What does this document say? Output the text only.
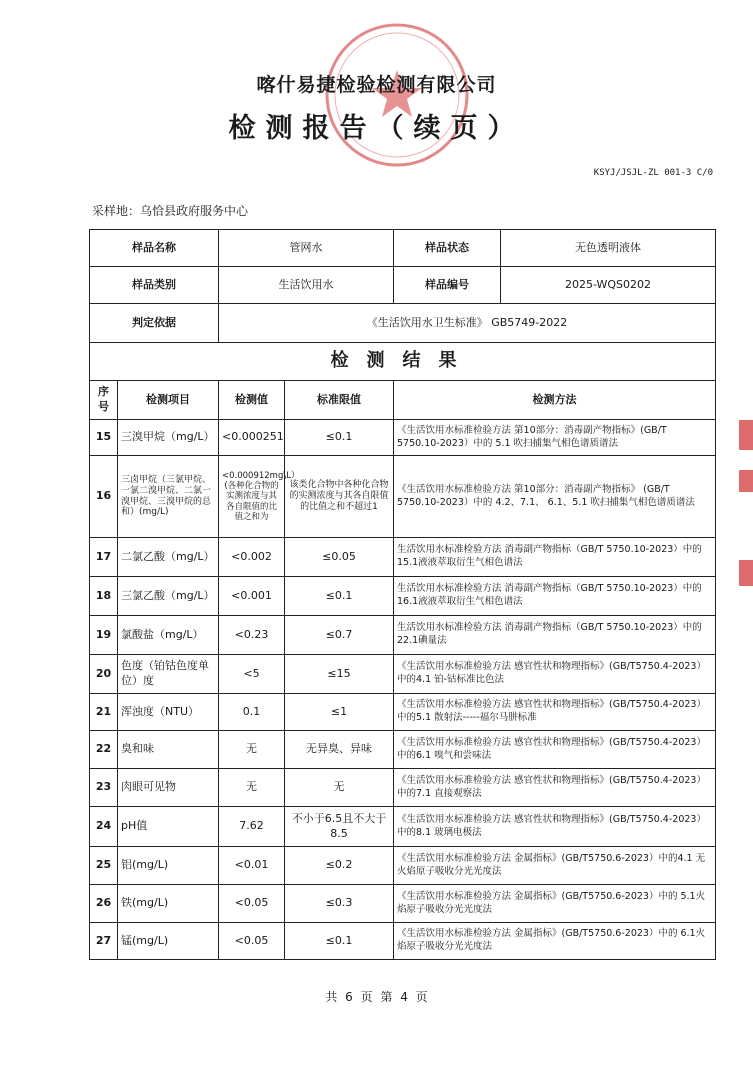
喀什易捷检验检测有限公司
检测报告（续页）
KSYJ/JSJL-ZL 001-3 C/0
采样地：乌恰县政府服务中心
样品名称		管网水		样品状态 无色透明液体

样品类别		生活饮用水		样品编号 2025-WQS0202

判定依据		《生活饮用水卫生标准》 GB5749-2022		
检测结果				
序号	检测项目	检测值	标准限值	检测方法
15	三溴甲烷（mg/L）	<0.000251	≤0.1	《生活饮用水标准检验方法 第10部分：消毒副产物指标》(GB/T 5750.10-2023）中的 5.1 吹扫捕集气相色谱质谱法
16	三卤甲烷（三氯甲烷、一氯二溴甲烷、二氯一溴甲烷、三溴甲烷的总和）(mg/L)	<0.000912mg\L）(各种化合物的实测浓度与其各自限值的比值之和为	该类化合物中各种化合物的实测浓度与其各自限值的比值之和不超过1	《生活饮用水标准检验方法 第10部分：消毒副产物指标》 (GB/T 5750.10-2023）中的 4.2、7.1、 6.1、5.1 吹扫捕集气相色谱质谱法
17	二氯乙酸（mg/L）	<0.002	≤0.05	生活饮用水标准检验方法 消毒副产物指标（GB/T 5750.10-2023）中的15.1液液萃取衍生气相色谱法
18	三氯乙酸（mg/L）	<0.001	≤0.1	生活饮用水标准检验方法 消毒副产物指标（GB/T 5750.10-2023）中的16.1液液萃取衍生气相色谱法
19	氯酸盐（mg/L）	<0.23	≤0.7	生活饮用水标准检验方法 消毒副产物指标（GB/T 5750.10-2023）中的22.1碘量法
20	色度（铂钴色度单位）度	<5	≤15	《生活饮用水标准检验方法 感官性状和物理指标》(GB/T5750.4-2023）中的4.1 铂-钴标准比色法
21	浑浊度（NTU）	0.1	≤1	《生活饮用水标准检验方法 感官性状和物理指标》(GB/T5750.4-2023）中的5.1 散射法-----福尔马肼标准
22	臭和味	无	无异臭、异味	《生活饮用水标准检验方法 感官性状和物理指标》(GB/T5750.4-2023）中的6.1 嗅气和尝味法
23	肉眼可见物	无	无	《生活饮用水标准检验方法 感官性状和物理指标》(GB/T5750.4-2023）中的7.1 直接观察法
24	pH值	7.62	不小于6.5且不大于8.5	《生活饮用水标准检验方法 感官性状和物理指标》(GB/T5750.4-2023）中的8.1 玻璃电极法
25	铝(mg/L)	<0.01	≤0.2	《生活饮用水标准检验方法 金属指标》(GB/T5750.6-2023）中的4.1 无火焰原子吸收分光光度法
26	铁(mg/L)	<0.05	≤0.3	《生活饮用水标准检验方法 金属指标》(GB/T5750.6-2023）中的 5.1火焰原子吸收分光光度法
27	锰(mg/L)	<0.05	≤0.1	《生活饮用水标准检验方法 金属指标》(GB/T5750.6-2023）中的 6.1火焰原子吸收分光光度法
共 6 页 第 4 页
